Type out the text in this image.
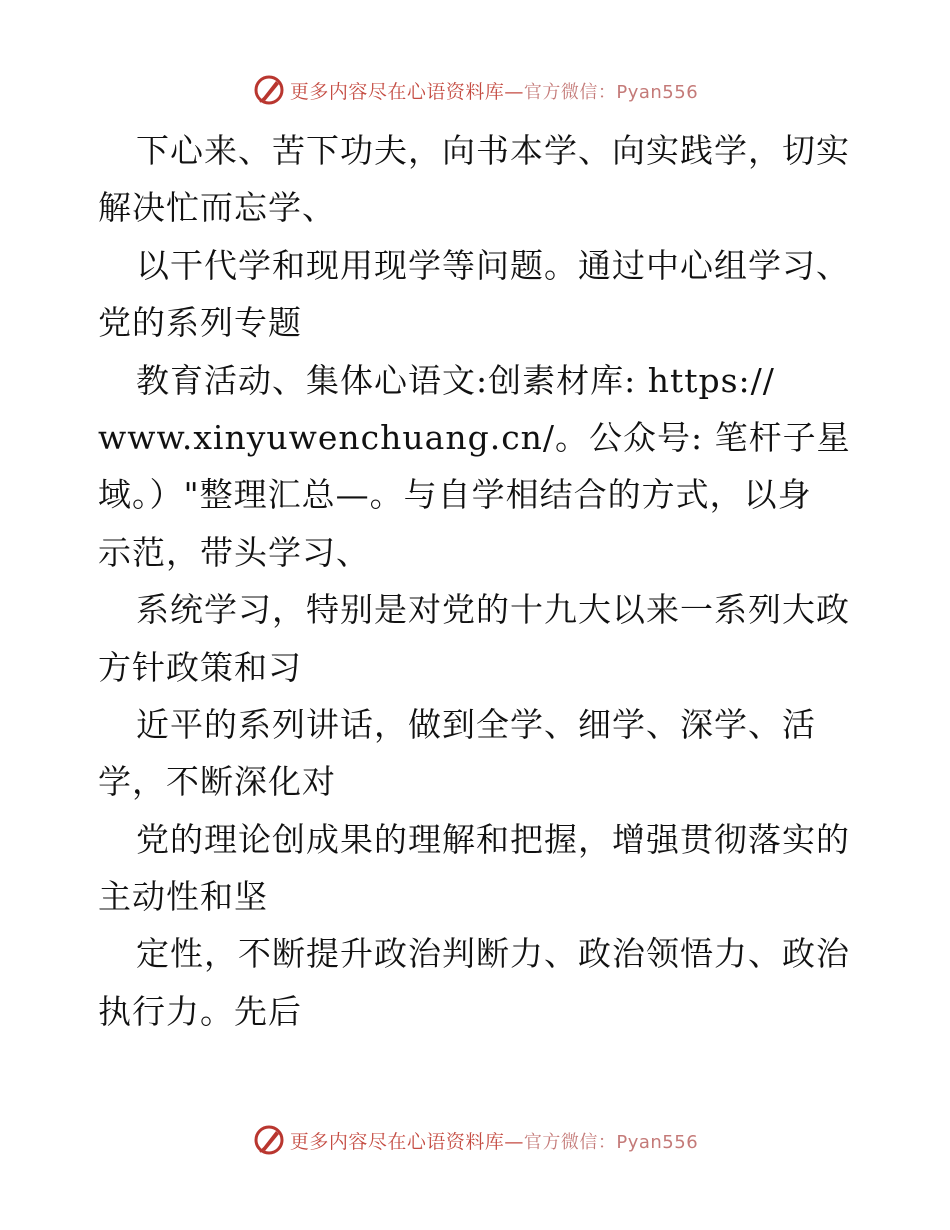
更多内容尽在心语资料库—官方微信：Pyan556
下心来、苦下功夫，向书本学、向实践学，切实
解决忙而忘学、
以干代学和现用现学等问题。通过中心组学习、
党的系列专题
教育活动、集体心语文:创素材库: https://
www.xinyuwenchuang.cn/。公众号: 笔杆子星
域。）"整理汇总—。与自学相结合的方式，以身
示范，带头学习、
系统学习，特别是对党的十九大以来一系列大政
方针政策和习
近平的系列讲话，做到全学、细学、深学、活
学，不断深化对
党的理论创成果的理解和把握，增强贯彻落实的
主动性和坚
定性，不断提升政治判断力、政治领悟力、政治
执行力。先后
更多内容尽在心语资料库—官方微信：Pyan556
